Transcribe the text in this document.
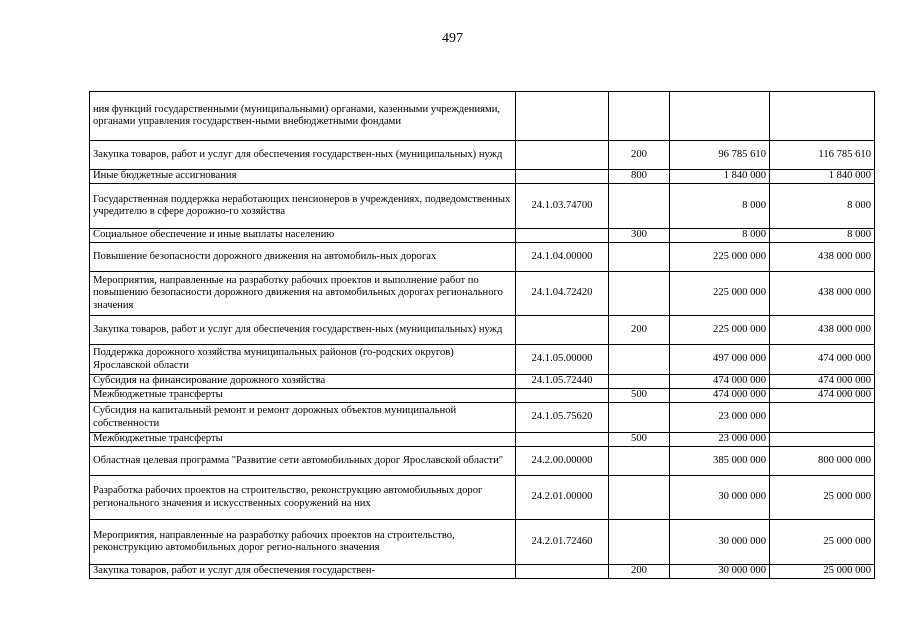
497
ния функций государственными (муниципальными) органами, казенными учреждениями, органами управления государствен-ными внебюджетными фондами				
Закупка товаров, работ и услуг для обеспечения государствен-ных (муниципальных) нужд		200	96 785 610	116 785 610
Иные бюджетные ассигнования		800	1 840 000	1 840 000
Государственная поддержка неработающих пенсионеров в учреждениях, подведомственных учредителю в сфере дорожно-го хозяйства	24.1.03.74700		8 000	8 000
Социальное обеспечение и иные выплаты населению		300	8 000	8 000
Повышение безопасности дорожного движения на автомобиль-ных дорогах	24.1.04.00000		225 000 000	438 000 000
Мероприятия, направленные на разработку рабочих проектов и выполнение работ по повышению безопасности дорожного движения на автомобильных дорогах регионального значения	24.1.04.72420		225 000 000	438 000 000
Закупка товаров, работ и услуг для обеспечения государствен-ных (муниципальных) нужд		200	225 000 000	438 000 000
Поддержка дорожного хозяйства муниципальных районов (го-родских округов) Ярославской области	24.1.05.00000		497 000 000	474 000 000
Субсидия на финансирование дорожного хозяйства	24.1.05.72440		474 000 000	474 000 000
Межбюджетные трансферты		500	474 000 000	474 000 000
Субсидия на капитальный ремонт и ремонт дорожных объектов муниципальной собственности	24.1.05.75620		23 000 000	
Межбюджетные трансферты		500	23 000 000	
Областная целевая программа "Развитие сети автомобильных дорог Ярославской области"	24.2.00.00000		385 000 000	800 000 000
Разработка рабочих проектов на строительство, реконструкцию автомобильных дорог регионального значения и искусственных сооружений на них	24.2.01.00000		30 000 000	25 000 000
Мероприятия, направленные на разработку рабочих проектов на строительство, реконструкцию автомобильных дорог регио-нального значения	24.2.01.72460		30 000 000	25 000 000
Закупка товаров, работ и услуг для обеспечения государствен-		200	30 000 000	25 000 000
